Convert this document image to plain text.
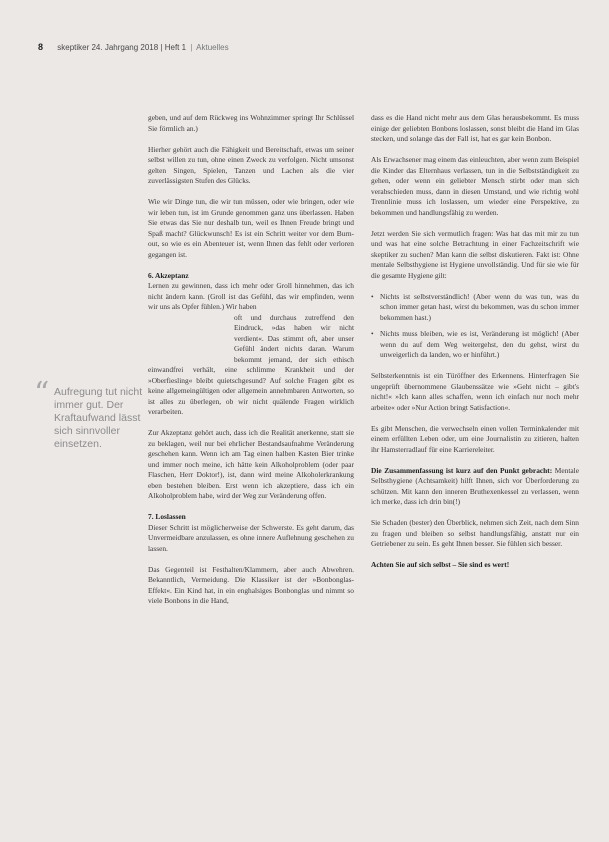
8 skeptiker 24. Jahrgang 2018 | Heft 1 | Aktuelles
“ Aufregung tut nicht immer gut. Der Kraftaufwand lässt sich sinnvoller einsetzen.

geben, und auf dem Rückweg ins Wohnzimmer springt Ihr Schlüssel Sie förmlich an.)

Hierher gehört auch die Fähigkeit und Bereitschaft, etwas um seiner selbst willen zu tun, ohne einen Zweck zu verfolgen. Nicht umsonst gelten Singen, Spielen, Tanzen und Lachen als die vier zuverlässigsten Stufen des Glücks.

Wie wir Dinge tun, die wir tun müssen, oder wie bringen, oder wie wir leben tun, ist im Grunde genommen ganz uns überlassen. Haben Sie etwas das Sie nur deshalb tun, weil es Ihnen Freude bringt und Spaß macht? Glückwunsch! Es ist ein Schritt weiter vor dem Burn-out, so wie es ein Abenteuer ist, wenn Ihnen das fehlt oder verloren gegangen ist.

6. Akzeptanz

Lernen zu gewinnen, dass ich mehr oder Groll hinnehmen, das ich nicht ändern kann. (Groll ist das Gefühl, das wir empfinden, wenn wir uns als Opfer fühlen.) Wir haben

oft und durchaus zutreffend den Eindruck, »das haben wir nicht verdient«. Das stimmt oft, aber unser Gefühl ändert nichts daran. Warum bekommt jemand, der sich ethisch einwandfrei verhält, eine schlimme Krankheit und der »Oberfiesling« bleibt quietschgesund? Auf solche Fragen gibt es keine allgemeingültigen oder allgemein annehmbaren Antworten, so ist alles zu überlegen, ob wir nicht quälende Fragen wirklich verarbeiten.

Zur Akzeptanz gehört auch, dass ich die Realität anerkenne, statt sie zu beklagen, weil nur bei ehrlicher Bestandsaufnahme Veränderung geschehen kann. Wenn ich am Tag einen halben Kasten Bier trinke und immer noch meine, ich hätte kein Alkoholproblem (oder paar Flaschen, Herr Doktor!), ist, dann wird meine Alkoholerkrankung eben bestehen bleiben. Erst wenn ich akzeptiere, dass ich ein Alkoholproblem habe, wird der Weg zur Veränderung offen.

7. Loslassen

Dieser Schritt ist möglicherweise der Schwerste. Es geht darum, das Unvermeidbare anzulassen, es ohne innere Auflehnung geschehen zu lassen.

Das Gegenteil ist Festhalten/Klammern, aber auch Abwehren. Bekanntlich, Vermeidung. Die Klassiker ist der »Bonbonglas-Effekt«. Ein Kind hat, in ein enghalsiges Bonbonglas und nimmt so viele Bonbons in die Hand,

dass es die Hand nicht mehr aus dem Glas herausbekommt. Es muss einige der geliebten Bonbons loslassen, sonst bleibt die Hand im Glas stecken, und solange das der Fall ist, hat es gar kein Bonbon.

Als Erwachsener mag einem das einleuchten, aber wenn zum Beispiel die Kinder das Elternhaus verlassen, tun in die Selbstständigkeit zu gehen, oder wenn ein geliebter Mensch stirbt oder man sich verabschieden muss, dann in diesen Umstand, und wie richtig wohl Trennlinie muss ich loslassen, um wieder eine Perspektive, zu bekommen und handlungsfähig zu werden.

Jetzt werden Sie sich vermutlich fragen: Was hat das mit mir zu tun und was hat eine solche Betrachtung in einer Fachzeitschrift wie skeptiker zu suchen? Man kann die selbst diskutieren. Fakt ist: Ohne mentale Selbsthygiene ist Hygiene unvollständig. Und für sie wie für die gesamte Hygiene gilt:

• Nichts ist selbstverständlich! (Aber wenn du was tun, was du schon immer getan hast, wirst du bekommen, was du schon immer bekommen hast.)
• Nichts muss bleiben, wie es ist, Veränderung ist möglich! (Aber wenn du auf dem Weg weitergehst, den du gehst, wirst du unweigerlich da landen, wo er hinführt.)

Selbsterkenntnis ist ein Türöffner des Erkennens. Hinterfragen Sie ungeprüft übernommene Glaubenssätze wie »Geht nicht – gibt's nicht!« »Ich kann alles schaffen, wenn ich einfach nur noch mehr arbeite« oder »Nur Action bringt Satisfaction«.

Es gibt Menschen, die verwechseln einen vollen Terminkalender mit einem erfüllten Leben oder, um eine Journalistin zu zitieren, halten ihr Hamsterradlauf für eine Karriereleiter.

Die Zusammenfassung ist kurz auf den Punkt gebracht: Mentale Selbsthygiene (Achtsamkeit) hilft Ihnen, sich vor Überforderung zu schützen. Mit kann den inneren Bruthexenkessel zu verlassen, wenn ich merke, dass ich drin bin(!)

Sie Schaden (bester) den Überblick, nehmen sich Zeit, nach dem Sinn zu fragen und bleiben so selbst handlungsfähig, anstatt nur ein Getriebener zu sein. Es geht Ihnen besser. Sie fühlen sich besser.

Achten Sie auf sich selbst – Sie sind es wert!
